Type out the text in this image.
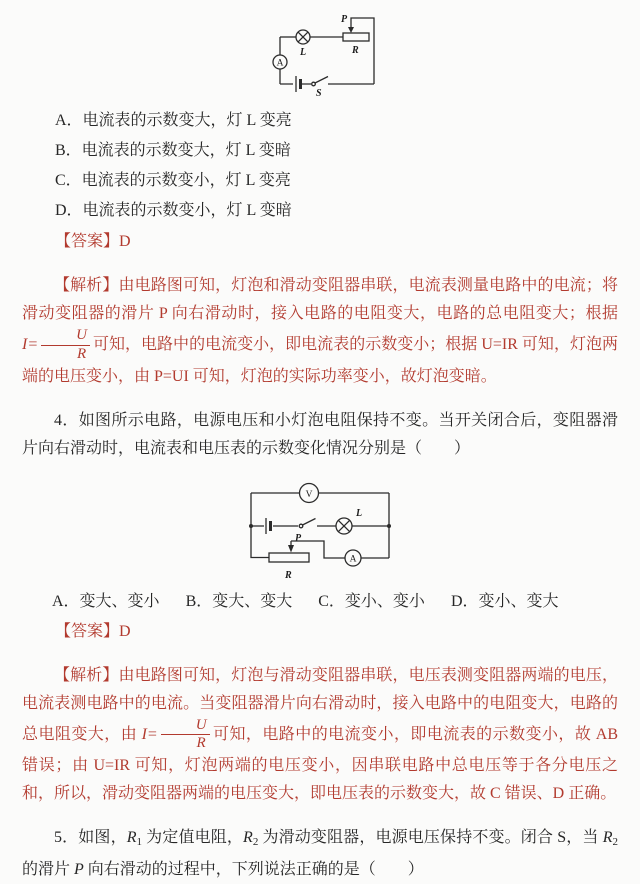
L
P
R
A
S
A．电流表的示数变大，灯 L 变亮
B．电流表的示数变大，灯 L 变暗
C．电流表的示数变小，灯 L 变亮
D．电流表的示数变小，灯 L 变暗
【答案】D

【解析】由电路图可知，灯泡和滑动变阻器串联，电流表测量电路中的电流；将滑动变阻器的滑片 P 向右滑动时，接入电路的电阻变大，电路的总电阻变大；根据 $I= \frac{U}{R}$ 可知，电路中的电流变小，即电流表的示数变小；根据 U=IR 可知，灯泡两端的电压变小，由 P=UI 可知，灯泡的实际功率变小，故灯泡变暗。

4．如图所示电路，电源电压和小灯泡电阻保持不变。当开关闭合后，变阻器滑片向右滑动时，电流表和电压表的示数变化情况分别是（　　）

V
L
P
R
A
A．变大、变小 B．变大、变大 C．变小、变小 D．变小、变大
【答案】D

【解析】由电路图可知，灯泡与滑动变阻器串联，电压表测变阻器两端的电压，电流表测电路中的电流。当变阻器滑片向右滑动时，接入电路中的电阻变大，电路的总电阻变大，由 $I= \frac{U}{R}$ 可知，电路中的电流变小，即电流表的示数变小，故 AB 错误；由 U=IR 可知，灯泡两端的电压变小，因串联电路中总电压等于各分电压之和，所以，滑动变阻器两端的电压变大，即电压表的示数变大，故 C 错误、D 正确。

5．如图，$R_1$ 为定值电阻，$R_2$ 为滑动变阻器，电源电压保持不变。闭合 S，当 $R_2$ 的滑片 P 向右滑动的过程中，下列说法正确的是（　　）
